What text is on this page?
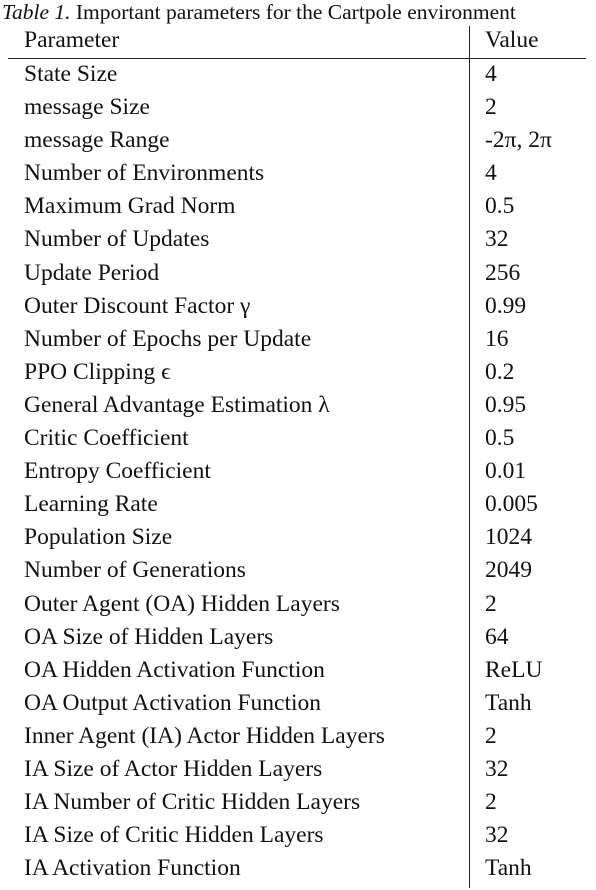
Table 1. Important parameters for the Cartpole environment
Parameter	Value
State Size	4
message Size	2
message Range	-2π, 2π
Number of Environments	4
Maximum Grad Norm	0.5
Number of Updates	32
Update Period	256
Outer Discount Factor γ	0.99
Number of Epochs per Update	16
PPO Clipping ϵ	0.2
General Advantage Estimation λ	0.95
Critic Coefficient	0.5
Entropy Coefficient	0.01
Learning Rate	0.005
Population Size	1024
Number of Generations	2049
Outer Agent (OA) Hidden Layers	2
OA Size of Hidden Layers	64
OA Hidden Activation Function	ReLU
OA Output Activation Function	Tanh
Inner Agent (IA) Actor Hidden Layers	2
IA Size of Actor Hidden Layers	32
IA Number of Critic Hidden Layers	2
IA Size of Critic Hidden Layers	32
IA Activation Function	Tanh
